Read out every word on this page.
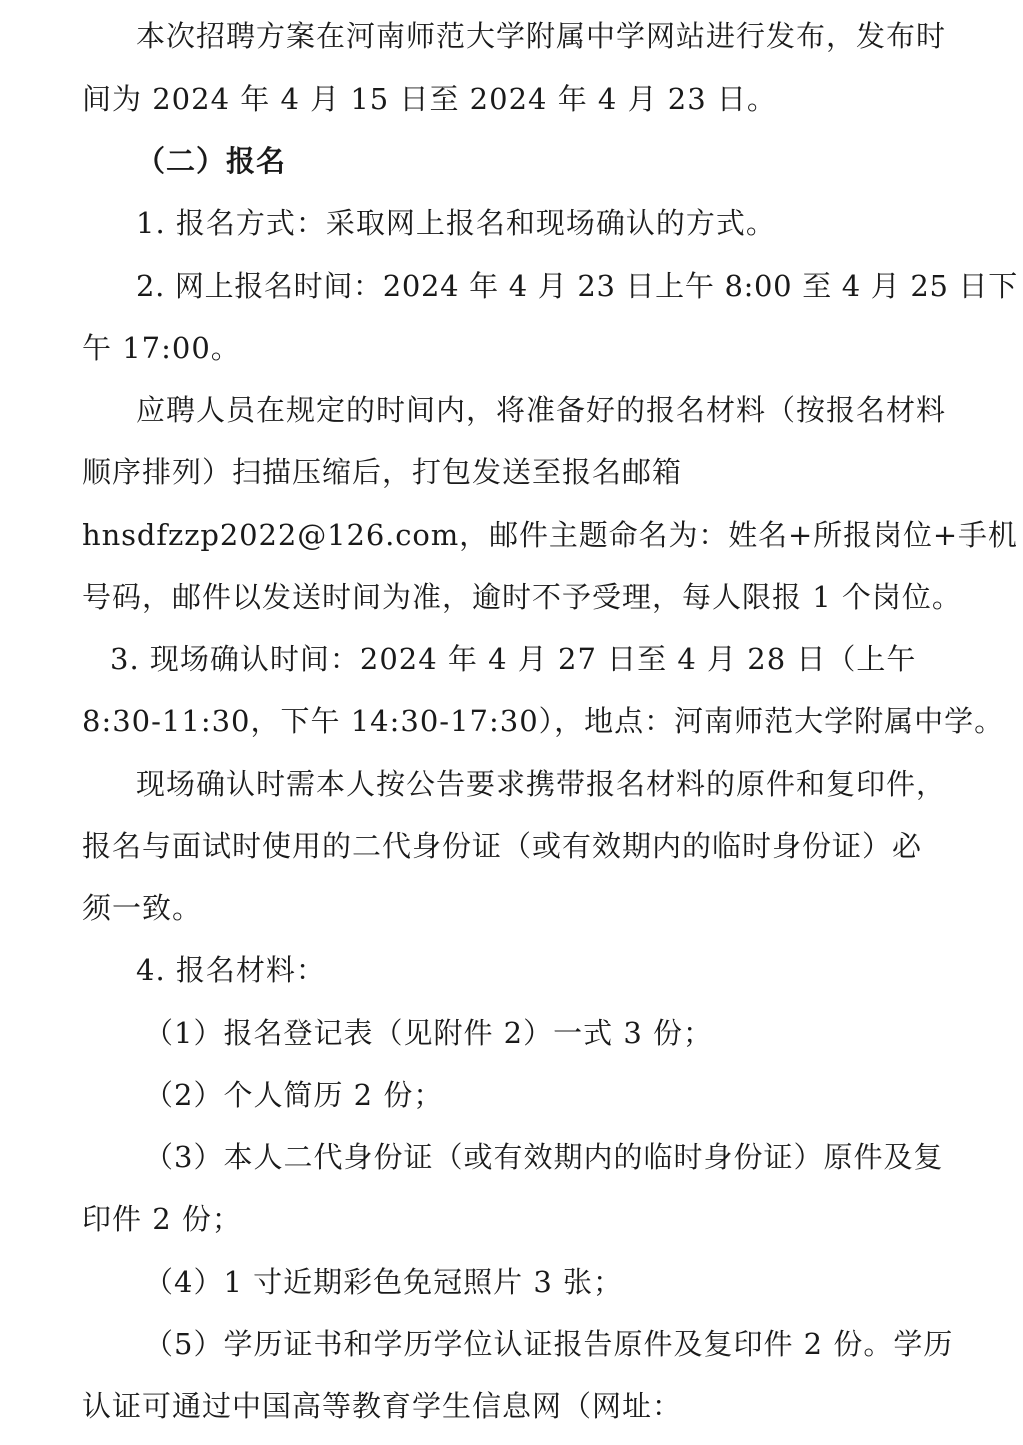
本次招聘方案在河南师范大学附属中学网站进行发布，发布时
间为 2024 年 4 月 15 日至 2024 年 4 月 23 日。
（二）报名
1. 报名方式：采取网上报名和现场确认的方式。
2. 网上报名时间：2024 年 4 月 23 日上午 8:00 至 4 月 25 日下
午 17:00。
应聘人员在规定的时间内，将准备好的报名材料（按报名材料
顺序排列）扫描压缩后，打包发送至报名邮箱
hnsdfzzp2022@126.com，邮件主题命名为：姓名+所报岗位+手机
号码，邮件以发送时间为准，逾时不予受理，每人限报 1 个岗位。
3. 现场确认时间：2024 年 4 月 27 日至 4 月 28 日（上午
8:30-11:30，下午 14:30-17:30），地点：河南师范大学附属中学。
现场确认时需本人按公告要求携带报名材料的原件和复印件，
报名与面试时使用的二代身份证（或有效期内的临时身份证）必
须一致。
4. 报名材料：
（1）报名登记表（见附件 2）一式 3 份；
（2）个人简历 2 份；
（3）本人二代身份证（或有效期内的临时身份证）原件及复
印件 2 份；
（4）1 寸近期彩色免冠照片 3 张；
（5）学历证书和学历学位认证报告原件及复印件 2 份。学历
认证可通过中国高等教育学生信息网（网址：
